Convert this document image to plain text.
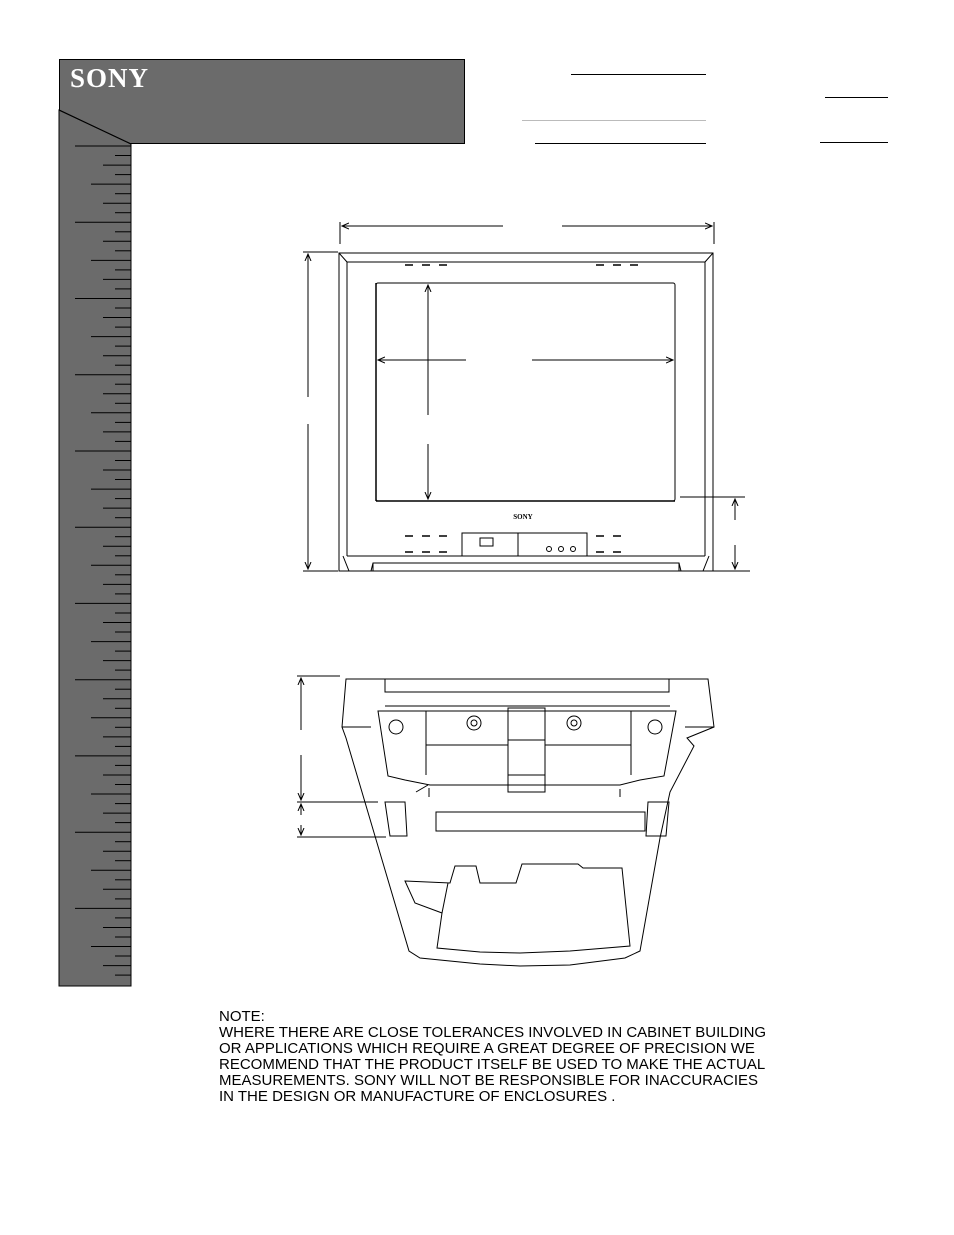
SONY
SONY
NOTE:
WHERE THERE ARE CLOSE TOLERANCES INVOLVED IN CABINET BUILDING
OR APPLICATIONS WHICH REQUIRE A GREAT DEGREE OF PRECISION WE
RECOMMEND THAT THE PRODUCT ITSELF BE USED TO MAKE THE ACTUAL
MEASUREMENTS. SONY WILL NOT BE RESPONSIBLE FOR INACCURACIES
IN THE DESIGN OR MANUFACTURE OF ENCLOSURES .
